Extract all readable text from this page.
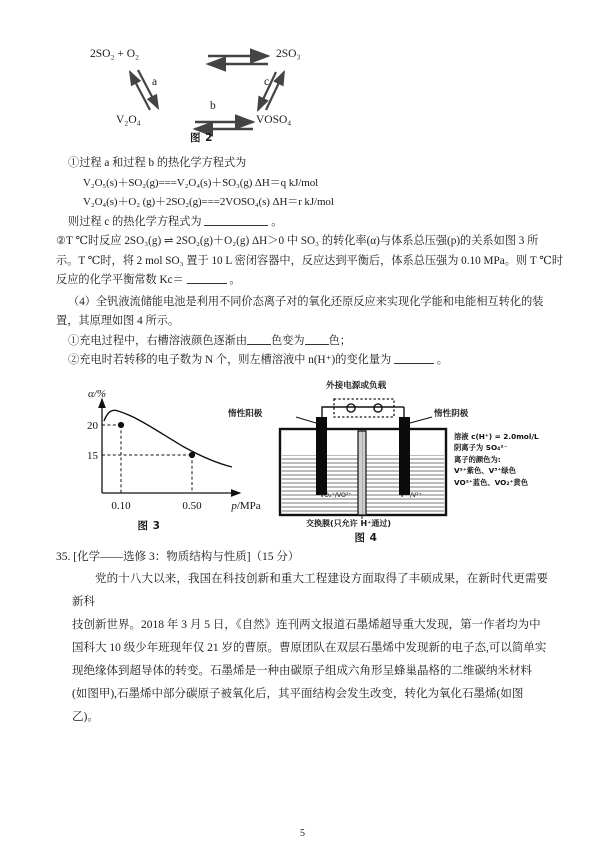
2SO₂ + O₂	2SO₃
V₂O₄	VOSO₄
a
b
c
图 2
①过程 a 和过程 b 的热化学方程式为
V₂O₅(s)＋SO₂(g)===V₂O₄(s)＋SO₃(g) ΔH＝q kJ/mol
V₂O₄(s)＋O₂ (g)＋2SO₂(g)===2VOSO₄(s) ΔH＝r kJ/mol
则过程 c 的热化学方程式为	。
②T ℃时反应 2SO₃(g) ⇌ 2SO₂(g)＋O₂(g) ΔH＞0 中 SO₃ 的转化率(α)与体系总压强(p)的关系如图 3 所
示。T ℃时，将 2 mol SO₃ 置于 10 L 密闭容器中，反应达到平衡后，体系总压强为 0.10 MPa。则 T ℃时
反应的化学平衡常数 Kc＝	。
（4）全钒液流储能电池是利用不同价态离子对的氧化还原反应来实现化学能和电能相互转化的装
置，其原理如图 4 所示。
①充电过程中，右槽溶液颜色逐渐由 色变为 色；
②充电时若转移的电子数为 N 个，则左槽溶液中 n(H⁺)的变化量为	。
20
15
0.10	0.50
α/%
p/MPa
图 3
VO₂⁺/VO²⁺	V³⁺/V²⁺
外接电源或负载
惰性阳极	惰性阴极
交换膜(只允许 H⁺通过)
溶液 c(H⁺) = 2.0mol/L
阴离子为 SO₄²⁻
离子的颜色为:
V²⁺紫色、V³⁺绿色
VO²⁺蓝色、VO₂⁺黄色
图 4
35. [化学——选修 3：物质结构与性质]（15 分）
党的十八大以来，我国在科技创新和重大工程建设方面取得了丰硕成果，在新时代更需要新科
技创新世界。2018 年 3 月 5 日，《自然》连刊两文报道石墨烯超导重大发现，第一作者均为中
国科大 10 级少年班现年仅 21 岁的曹原。曹原团队在双层石墨烯中发现新的电子态,可以简单实
现绝缘体到超导体的转变。石墨烯是一种由碳原子组成六角形呈蜂巢晶格的二维碳纳米材料
(如图甲),石墨烯中部分碳原子被氧化后，其平面结构会发生改变，转化为氧化石墨烯(如图
乙)。
5
